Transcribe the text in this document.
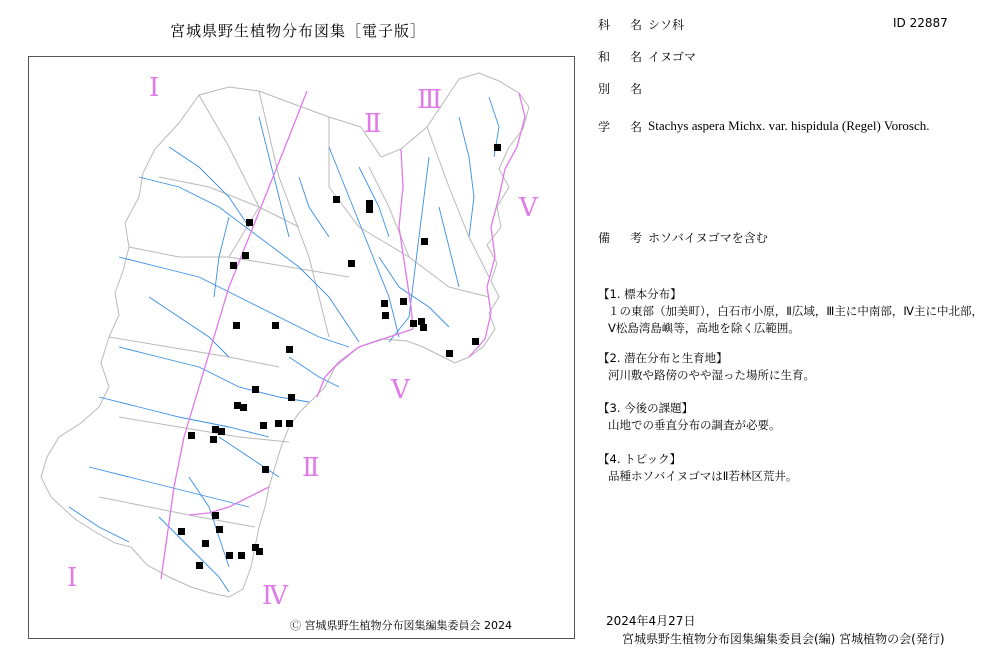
宮城県野生植物分布図集［電子版］
Ⅰ
Ⅱ
Ⅲ
Ⅴ
Ⅴ
Ⅱ
Ⅰ
Ⅳ
Ⓒ 宮城県野生植物分布図集編集委員会 2024
科　名 シソ科	ID 22887
和　名 イヌゴマ
別　名
学　名 Stachys aspera Michx. var. hispidula (Regel) Vorosch.
備　考 ホソバイヌゴマを含む
【1. 標本分布】
１の東部（加美町），白石市小原，Ⅱ広域，Ⅲ主に中南部，Ⅳ主に中北部，Ⅴ松島湾島嶼等，高地を除く広範囲。
【2. 潜在分布と生育地】
河川敷や路傍のやや湿った場所に生育。
【3. 今後の課題】
山地での垂直分布の調査が必要。
【4. トピック】
品種ホソバイヌゴマはⅡ若林区荒井。
2024年4月27日
宮城県野生植物分布図集編集委員会(編) 宮城植物の会(発行)
